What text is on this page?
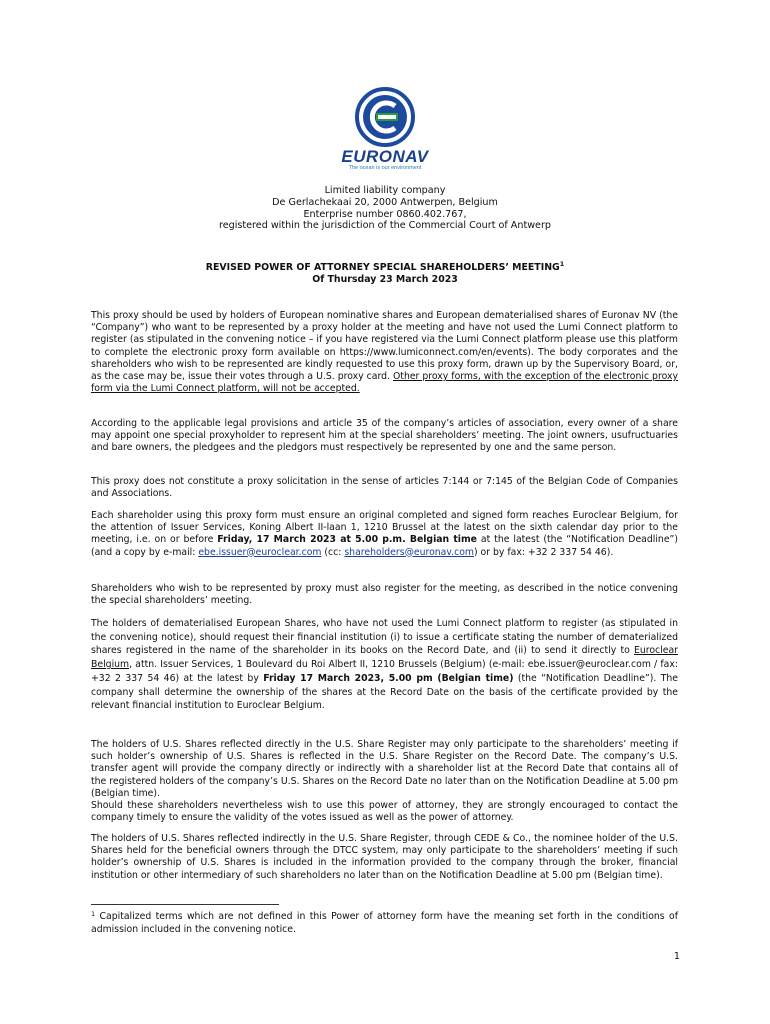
EURONAV
The ocean is our environment
Limited liability company
De Gerlachekaai 20, 2000 Antwerpen, Belgium
Enterprise number 0860.402.767,
registered within the jurisdiction of the Commercial Court of Antwerp
REVISED POWER OF ATTORNEY SPECIAL SHAREHOLDERS’ MEETING$^1$
Of Thursday 23 March 2023

This proxy should be used by holders of European nominative shares and European dematerialised shares of Euronav NV (the “Company”) who want to be represented by a proxy holder at the meeting and have not used the Lumi Connect platform to register (as stipulated in the convening notice – if you have registered via the Lumi Connect platform please use this platform to complete the electronic proxy form available on https://www.lumiconnect.com/en/events). The body corporates and the shareholders who wish to be represented are kindly requested to use this proxy form, drawn up by the Supervisory Board, or, as the case may be, issue their votes through a U.S. proxy card. Other proxy forms, with the exception of the electronic proxy form via the Lumi Connect platform, will not be accepted.

According to the applicable legal provisions and article 35 of the company’s articles of association, every owner of a share may appoint one special proxyholder to represent him at the special shareholders’ meeting. The joint owners, usufructuaries and bare owners, the pledgees and the pledgors must respectively be represented by one and the same person.

This proxy does not constitute a proxy solicitation in the sense of articles 7:144 or 7:145 of the Belgian Code of Companies and Associations.

Each shareholder using this proxy form must ensure an original completed and signed form reaches Euroclear Belgium, for the attention of Issuer Services, Koning Albert II-laan 1, 1210 Brussel at the latest on the sixth calendar day prior to the meeting, i.e. on or before Friday, 17 March 2023 at 5.00 p.m. Belgian time at the latest (the “Notification Deadline”) (and a copy by e-mail: ebe.issuer@euroclear.com (cc: shareholders@euronav.com) or by fax: +32 2 337 54 46).

Shareholders who wish to be represented by proxy must also register for the meeting, as described in the notice convening the special shareholders’ meeting.

The holders of dematerialised European Shares, who have not used the Lumi Connect platform to register (as stipulated in the convening notice), should request their financial institution (i) to issue a certificate stating the number of dematerialized shares registered in the name of the shareholder in its books on the Record Date, and (ii) to send it directly to Euroclear Belgium, attn. Issuer Services, 1 Boulevard du Roi Albert II, 1210 Brussels (Belgium) (e-mail: ebe.issuer@euroclear.com / fax: +32 2 337 54 46) at the latest by Friday 17 March 2023, 5.00 pm (Belgian time) (the “Notification Deadline”). The company shall determine the ownership of the shares at the Record Date on the basis of the certificate provided by the relevant financial institution to Euroclear Belgium.

The holders of U.S. Shares reflected directly in the U.S. Share Register may only participate to the shareholders’ meeting if such holder’s ownership of U.S. Shares is reflected in the U.S. Share Register on the Record Date. The company’s U.S. transfer agent will provide the company directly or indirectly with a shareholder list at the Record Date that contains all of the registered holders of the company’s U.S. Shares on the Record Date no later than on the Notification Deadline at 5.00 pm (Belgian time).
Should these shareholders nevertheless wish to use this power of attorney, they are strongly encouraged to contact the company timely to ensure the validity of the votes issued as well as the power of attorney.

The holders of U.S. Shares reflected indirectly in the U.S. Share Register, through CEDE & Co., the nominee holder of the U.S. Shares held for the beneficial owners through the DTCC system, may only participate to the shareholders’ meeting if such holder’s ownership of U.S. Shares is included in the information provided to the company through the broker, financial institution or other intermediary of such shareholders no later than on the Notification Deadline at 5.00 pm (Belgian time).

$^1$ Capitalized terms which are not defined in this Power of attorney form have the meaning set forth in the conditions of admission included in the convening notice.

1
